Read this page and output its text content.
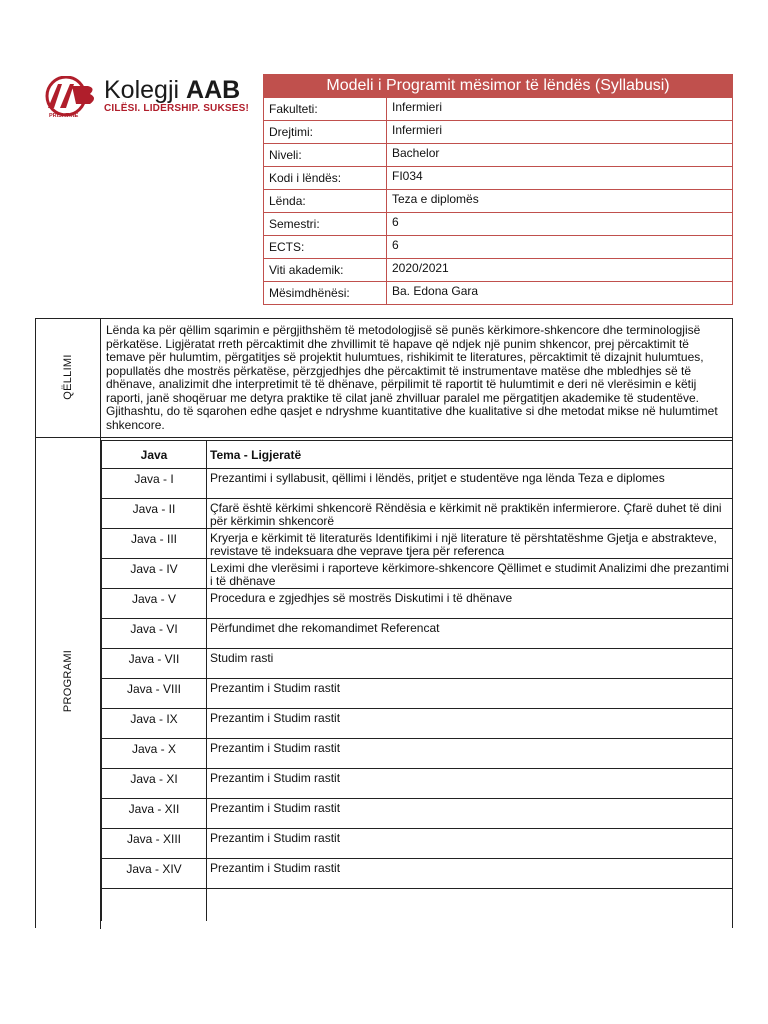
PRISHTINË
Kolegji AAB
CILËSI. LIDERSHIP. SUKSES!
Modeli i Programit mësimor të lëndës (Syllabusi)
Fakulteti:	Infermieri
Drejtimi:	Infermieri
Niveli:	Bachelor
Kodi i lëndës:	FI034
Lënda:	Teza e diplomës
Semestri:	6
ECTS:	6
Viti akademik:	2020/2021
Mësimdhënësi:	Ba. Edona Gara
QËLLIMI
PROGRAMI
Lënda ka për qëllim sqarimin e përgjithshëm të metodologjisë së punës kërkimore-shkencore dhe terminologjisë përkatëse. Ligjëratat rreth përcaktimit dhe zhvillimit të hapave që ndjek një punim shkencor, prej përcaktimit të temave për hulumtim, përgatitjes së projektit hulumtues, rishikimit te literatures, përcaktimit të dizajnit hulumtues, popullatës dhe mostrës përkatëse, përzgjedhjes dhe përcaktimit të instrumentave matëse dhe mbledhjes së të dhënave, analizimit dhe interpretimit të të dhënave, përpilimit të raportit të hulumtimit e deri në vlerësimin e këtij raporti, janë shoqëruar me detyra praktike të cilat janë zhvilluar paralel me përgatitjen akademike të studentëve. Gjithashtu, do të sqarohen edhe qasjet e ndryshme kuantitative dhe kualitative si dhe metodat mikse në hulumtimet shkencore.
Java	Tema - Ligjeratë
Java - I	Prezantimi i syllabusit, qëllimi i lëndës, pritjet e studentëve nga lënda Teza e diplomes
Java - II	Çfarë është kërkimi shkencorë Rëndësia e kërkimit në praktikën infermierore. Çfarë duhet të dini për kërkimin shkencorë
Java - III	Kryerja e kërkimit të literaturës Identifikimi i një literature të përshtatëshme Gjetja e abstrakteve, revistave të indeksuara dhe veprave tjera për referenca
Java - IV	Leximi dhe vlerësimi i raporteve kërkimore-shkencore Qëllimet e studimit Analizimi dhe prezantimi i të dhënave
Java - V	Procedura e zgjedhjes së mostrës Diskutimi i të dhënave
Java - VI	Përfundimet dhe rekomandimet Referencat
Java - VII	Studim rasti
Java - VIII	Prezantim i Studim rastit
Java - IX	Prezantim i Studim rastit
Java - X	Prezantim i Studim rastit
Java - XI	Prezantim i Studim rastit
Java - XII	Prezantim i Studim rastit
Java - XIII	Prezantim i Studim rastit
Java - XIV	Prezantim i Studim rastit
